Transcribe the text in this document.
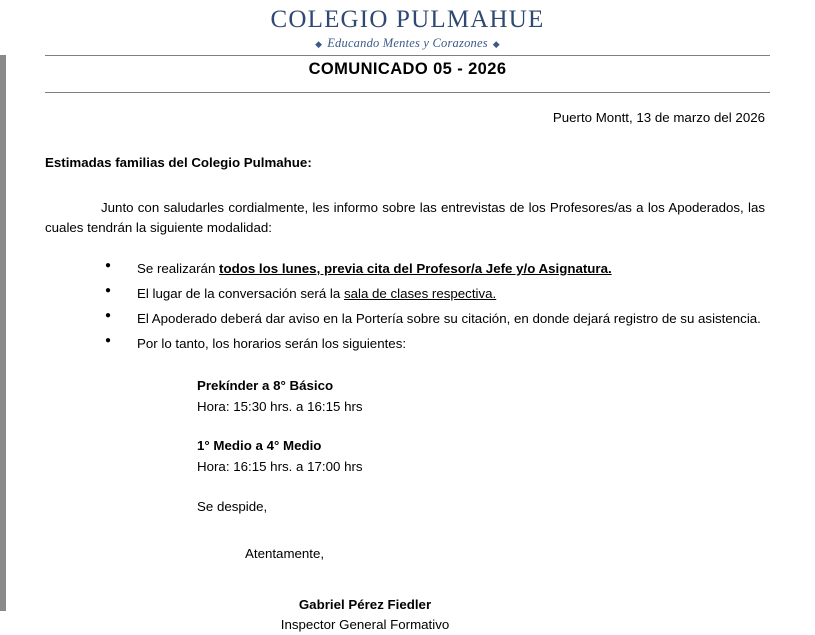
COLEGIO PULMAHUE
◆ Educando Mentes y Corazones ◆
COMUNICADO 05 - 2026
Puerto Montt, 13 de marzo del 2026
Estimadas familias del Colegio Pulmahue:
Junto con saludarles cordialmente, les informo sobre las entrevistas de los Profesores/as a los Apoderados, las cuales tendrán la siguiente modalidad:
● Se realizarán todos los lunes, previa cita del Profesor/a Jefe y/o Asignatura.
● El lugar de la conversación será la sala de clases respectiva.
● El Apoderado deberá dar aviso en la Portería sobre su citación, en donde dejará registro de su asistencia.
● Por lo tanto, los horarios serán los siguientes:
Prekínder a 8° Básico
Hora: 15:30 hrs. a 16:15 hrs
1° Medio a 4° Medio
Hora: 16:15 hrs. a 17:00 hrs
Se despide,
Atentamente,
Gabriel Pérez Fiedler
Inspector General Formativo
